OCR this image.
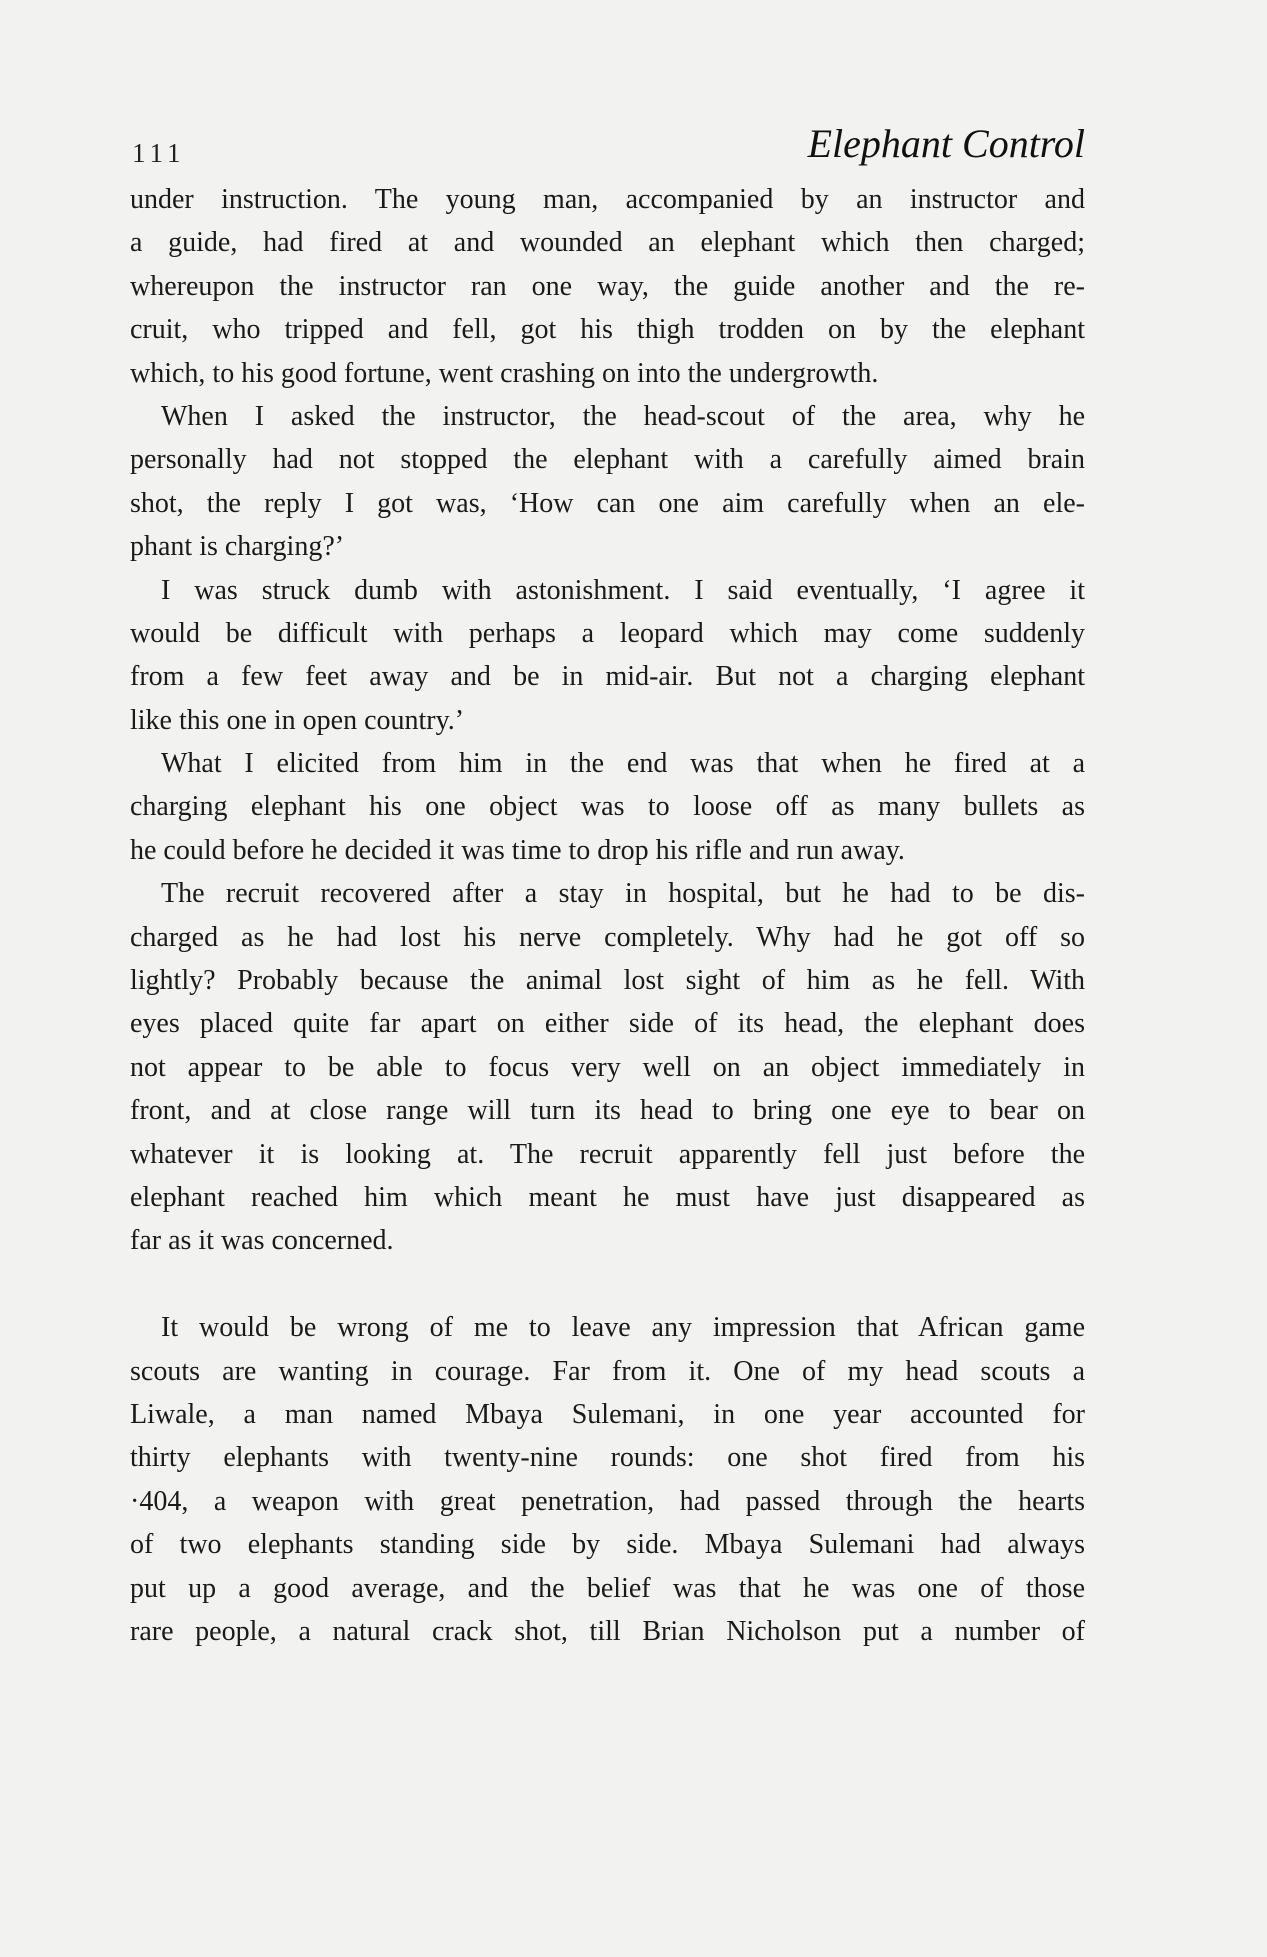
111	Elephant Control
under instruction. The young man, accompanied by an instructor and
a guide, had fired at and wounded an elephant which then charged;
whereupon the instructor ran one way, the guide another and the re-
cruit, who tripped and fell, got his thigh trodden on by the elephant
which, to his good fortune, went crashing on into the undergrowth.
When I asked the instructor, the head-scout of the area, why he
personally had not stopped the elephant with a carefully aimed brain
shot, the reply I got was, ‘How can one aim carefully when an ele-
phant is charging?’
I was struck dumb with astonishment. I said eventually, ‘I agree it
would be difficult with perhaps a leopard which may come suddenly
from a few feet away and be in mid-air. But not a charging elephant
like this one in open country.’
What I elicited from him in the end was that when he fired at a
charging elephant his one object was to loose off as many bullets as
he could before he decided it was time to drop his rifle and run away.
The recruit recovered after a stay in hospital, but he had to be dis-
charged as he had lost his nerve completely. Why had he got off so
lightly? Probably because the animal lost sight of him as he fell. With
eyes placed quite far apart on either side of its head, the elephant does
not appear to be able to focus very well on an object immediately in
front, and at close range will turn its head to bring one eye to bear on
whatever it is looking at. The recruit apparently fell just before the
elephant reached him which meant he must have just disappeared as
far as it was concerned.
It would be wrong of me to leave any impression that African game
scouts are wanting in courage. Far from it. One of my head scouts a
Liwale, a man named Mbaya Sulemani, in one year accounted for
thirty elephants with twenty-nine rounds: one shot fired from his
·404, a weapon with great penetration, had passed through the hearts
of two elephants standing side by side. Mbaya Sulemani had always
put up a good average, and the belief was that he was one of those
rare people, a natural crack shot, till Brian Nicholson put a number of
